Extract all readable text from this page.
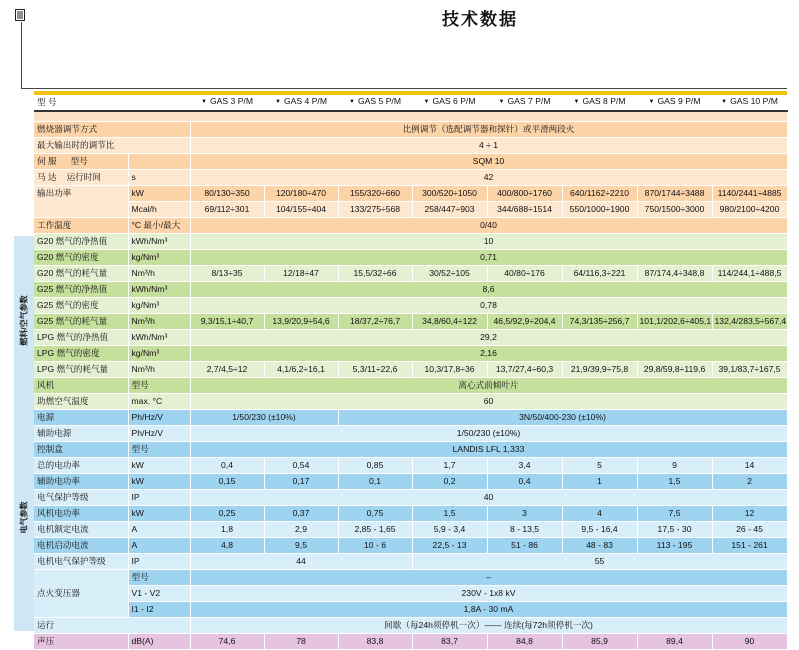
技术数据
燃料/空气参数
电气参数
型 号		▼ GAS 3 P/M	▼ GAS 4 P/M	▼ GAS 5 P/M	▼ GAS 6 P/M	▼ GAS 7 P/M	▼ GAS 8 P/M	▼ GAS 9 P/M	▼ GAS 10 P/M

燃烧器调节方式		比例调节（选配调节器和探针）或平滑两段火							
最大输出时的调节比		4 ÷ 1							
伺 服 型号		SQM 10							
马 达 运行时间	s	42							
输出功率	kW	80/130÷350	120/180÷470	155/320÷660	300/520÷1050	400/800÷1760	640/1162÷2210	870/1744÷3488	1140/2441÷4885
	Mcal/h	69/112÷301	104/155÷404	133/275÷568	258/447÷903	344/688÷1514	550/1000÷1900	750/1500÷3000	980/2100÷4200
工作温度	°C 最小/最大	0/40							
G20 燃气的净热值	kWh/Nm³	10							
G20 燃气的密度	kg/Nm³	0,71							
G20 燃气的耗气量	Nm³/h	8/13÷35	12/18÷47	15,5/32÷66	30/52÷105	40/80÷176	64/116,3÷221	87/174,4÷348,8	114/244,1÷488,5
G25 燃气的净热值	kWh/Nm³	8,6							
G25 燃气的密度	kg/Nm³	0,78							
G25 燃气的耗气量	Nm³/h	9,3/15,1÷40,7	13,9/20,9÷54,6	18/37,2÷76,7	34,8/60,4÷122	46,5/92,9÷204,4	74,3/135÷256,7	101,1/202,6÷405,1	132,4/283,5÷567,4
LPG 燃气的净热值	kWh/Nm³	29,2							
LPG 燃气的密度	kg/Nm³	2,16							
LPG 燃气的耗气量	Nm³/h	2,7/4,5÷12	4,1/6,2÷16,1	5,3/11÷22,6	10,3/17,8÷36	13,7/27,4÷60,3	21,9/39,9÷75,8	29,8/59,8÷119,6	39,1/83,7÷167,5
风机	型号	离心式前倾叶片							
助燃空气温度	max. °C	60							
电源	Ph/Hz/V	1/50/230 (±10%)		3N/50/400-230 (±10%)					
辅助电源	Ph/Hz/V	1/50/230 (±10%)							
控制盒	型号	LANDIS LFL 1,333							
总的电功率	kW	0,4	0,54	0,85	1,7	3,4	5	9	14
辅助电功率	kW	0,15	0,17	0,1	0,2	0,4	1	1,5	2
电气保护等级	IP	40							
风机电功率	kW	0,25	0,37	0,75	1,5	3	4	7,5	12
电机额定电流	A	1,8	2,9	2,85 - 1,65	5,9 - 3,4	8 - 13,5	9,5 - 16,4	17,5 - 30	26 - 45
电机启动电流	A	4,8	9,5	10 - 6	22,5 - 13	51 - 86	48 - 83	113 - 195	151 - 261
电机电气保护等级	IP	44			55				
点火变压器	型号	–							
	V1 - V2	230V - 1x8 kV							
	I1 - I2	1,8A - 30 mA							
运行		间歇（每24h须停机一次）—— 连续(每72h须停机一次)							
声压	dB(A)	74,6	78	83,8	83,7	84,8	85,9	89,4	90
